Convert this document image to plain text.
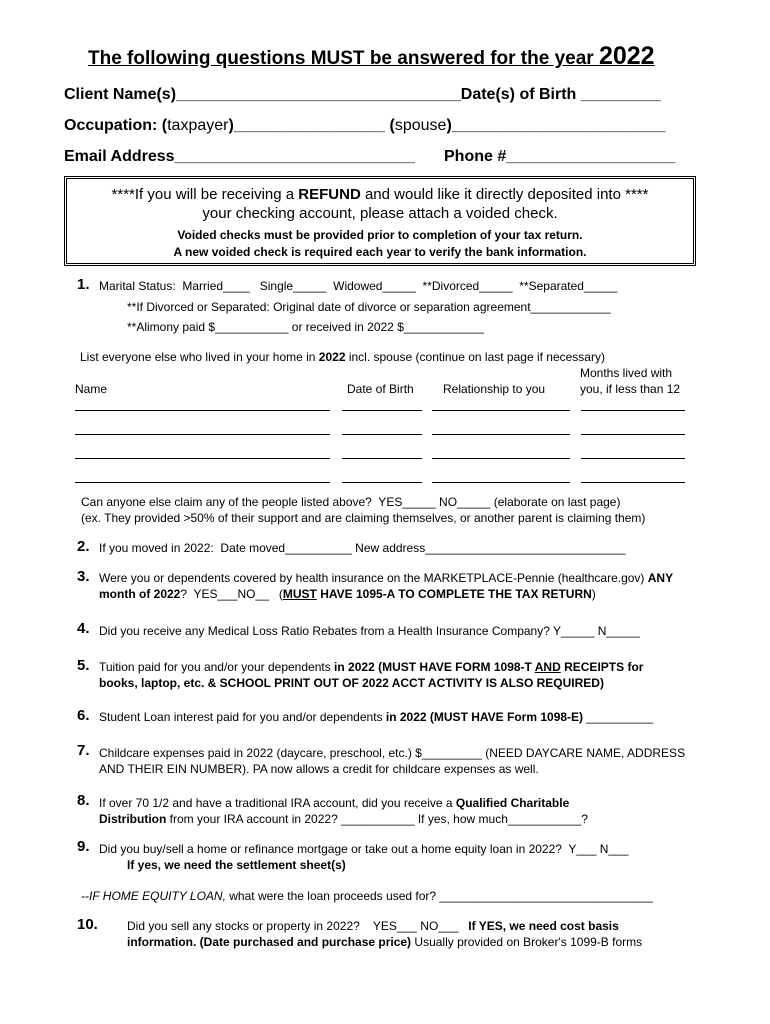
The following questions MUST be answered for the year 2022
Client Name(s)________________________________Date(s) of Birth _________
Occupation: (taxpayer)_________________ (spouse)________________________
Email Address___________________________ Phone #___________________
****If you will be receiving a REFUND and would like it directly deposited into ****
your checking account, please attach a voided check.
Voided checks must be provided prior to completion of your tax return.
A new voided check is required each year to verify the bank information.
1. Marital Status:  Married____   Single_____  Widowed_____  **Divorced_____  **Separated_____
**If Divorced or Separated: Original date of divorce or separation agreement____________
**Alimony paid $___________ or received in 2022 $____________
List everyone else who lived in your home in 2022 incl. spouse (continue on last page if necessary)
Name	Date of Birth Relationship to you
Months lived with
you, if less than 12
Can anyone else claim any of the people listed above?  YES_____ NO_____ (elaborate on last page)
(ex. They provided >50% of their support and are claiming themselves, or another parent is claiming them)
2. If you moved in 2022:  Date moved__________ New address______________________________
3. Were you or dependents covered by health insurance on the MARKETPLACE-Pennie (healthcare.gov) ANY
month of 2022?  YES___NO__   (MUST HAVE 1095-A TO COMPLETE THE TAX RETURN)
4. Did you receive any Medical Loss Ratio Rebates from a Health Insurance Company? Y_____ N_____
5. Tuition paid for you and/or your dependents in 2022 (MUST HAVE FORM 1098-T AND RECEIPTS for
books, laptop, etc. & SCHOOL PRINT OUT OF 2022 ACCT ACTIVITY IS ALSO REQUIRED)
6. Student Loan interest paid for you and/or dependents in 2022 (MUST HAVE Form 1098-E) __________
7. Childcare expenses paid in 2022 (daycare, preschool, etc.) $_________ (NEED DAYCARE NAME, ADDRESS
AND THEIR EIN NUMBER). PA now allows a credit for childcare expenses as well.
8. If over 70 1/2 and have a traditional IRA account, did you receive a Qualified Charitable
Distribution from your IRA account in 2022? ___________ If yes, how much___________?
9. Did you buy/sell a home or refinance mortgage or take out a home equity loan in 2022?  Y___ N___
If yes, we need the settlement sheet(s)
--IF HOME EQUITY LOAN, what were the loan proceeds used for? ________________________________
10. Did you sell any stocks or property in 2022?    YES___ NO___   If YES, we need cost basis
information. (Date purchased and purchase price) Usually provided on Broker's 1099-B forms
